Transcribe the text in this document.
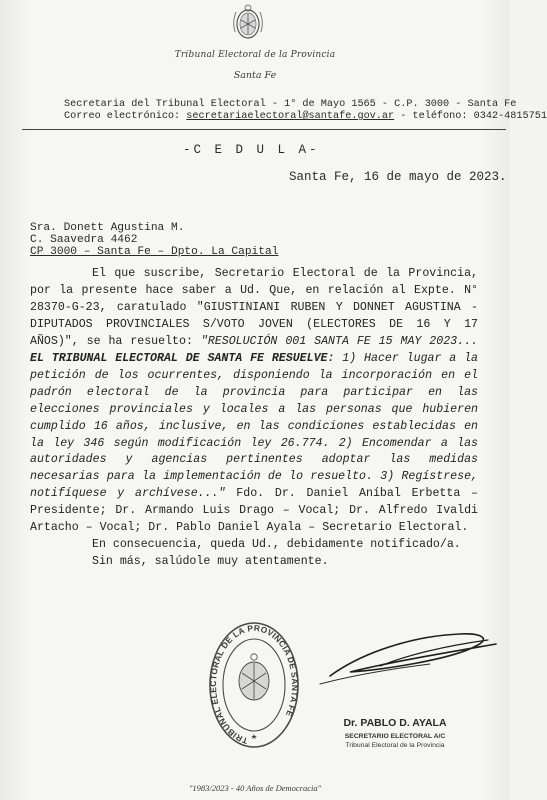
Tribunal Electoral de la Provincia
Santa Fe
Secretaria del Tribunal Electoral - 1° de Mayo 1565 - C.P. 3000 - Santa Fe
Correo electrónico: secretariaelectoral@santafe.gov.ar - teléfono: 0342-4815751
-C E D U L A-
Santa Fe, 16 de mayo de 2023.
Sra. Donett Agustina M.
C. Saavedra 4462
CP 3000 – Santa Fe – Dpto. La Capital

El que suscribe, Secretario Electoral de la Provincia, por la presente hace saber a Ud. Que, en relación al Expte. N° 28370-G-23, caratulado "GIUSTINIANI RUBEN Y DONNET AGUSTINA - DIPUTADOS PROVINCIALES S/VOTO JOVEN (ELECTORES DE 16 Y 17 AÑOS)", se ha resuelto: "RESOLUCIÓN 001 SANTA FE 15 MAY 2023... EL TRIBUNAL ELECTORAL DE SANTA FE RESUELVE: 1) Hacer lugar a la petición de los ocurrentes, disponiendo la incorporación en el padrón electoral de la provincia para participar en las elecciones provinciales y locales a las personas que hubieren cumplido 16 años, inclusive, en las condiciones establecidas en la ley 346 según modificación ley 26.774. 2) Encomendar a las autoridades y agencias pertinentes adoptar las medidas necesarias para la implementación de lo resuelto. 3) Regístrese, notifíquese y archívese..." Fdo. Dr. Daniel Aníbal Erbetta – Presidente; Dr. Armando Luis Drago – Vocal; Dr. Alfredo Ivaldi Artacho – Vocal; Dr. Pablo Daniel Ayala – Secretario Electoral.

En consecuencia, queda Ud., debidamente notificado/a.

Sin más, salúdole muy atentamente.

TRIBUNAL ELECTORAL DE LA PROVINCIA DE SANTA FE
Dr. PABLO D. AYALA
SECRETARIO ELECTORAL A/C
Tribunal Electoral de la Provincia
"1983/2023 - 40 Años de Democracia"
